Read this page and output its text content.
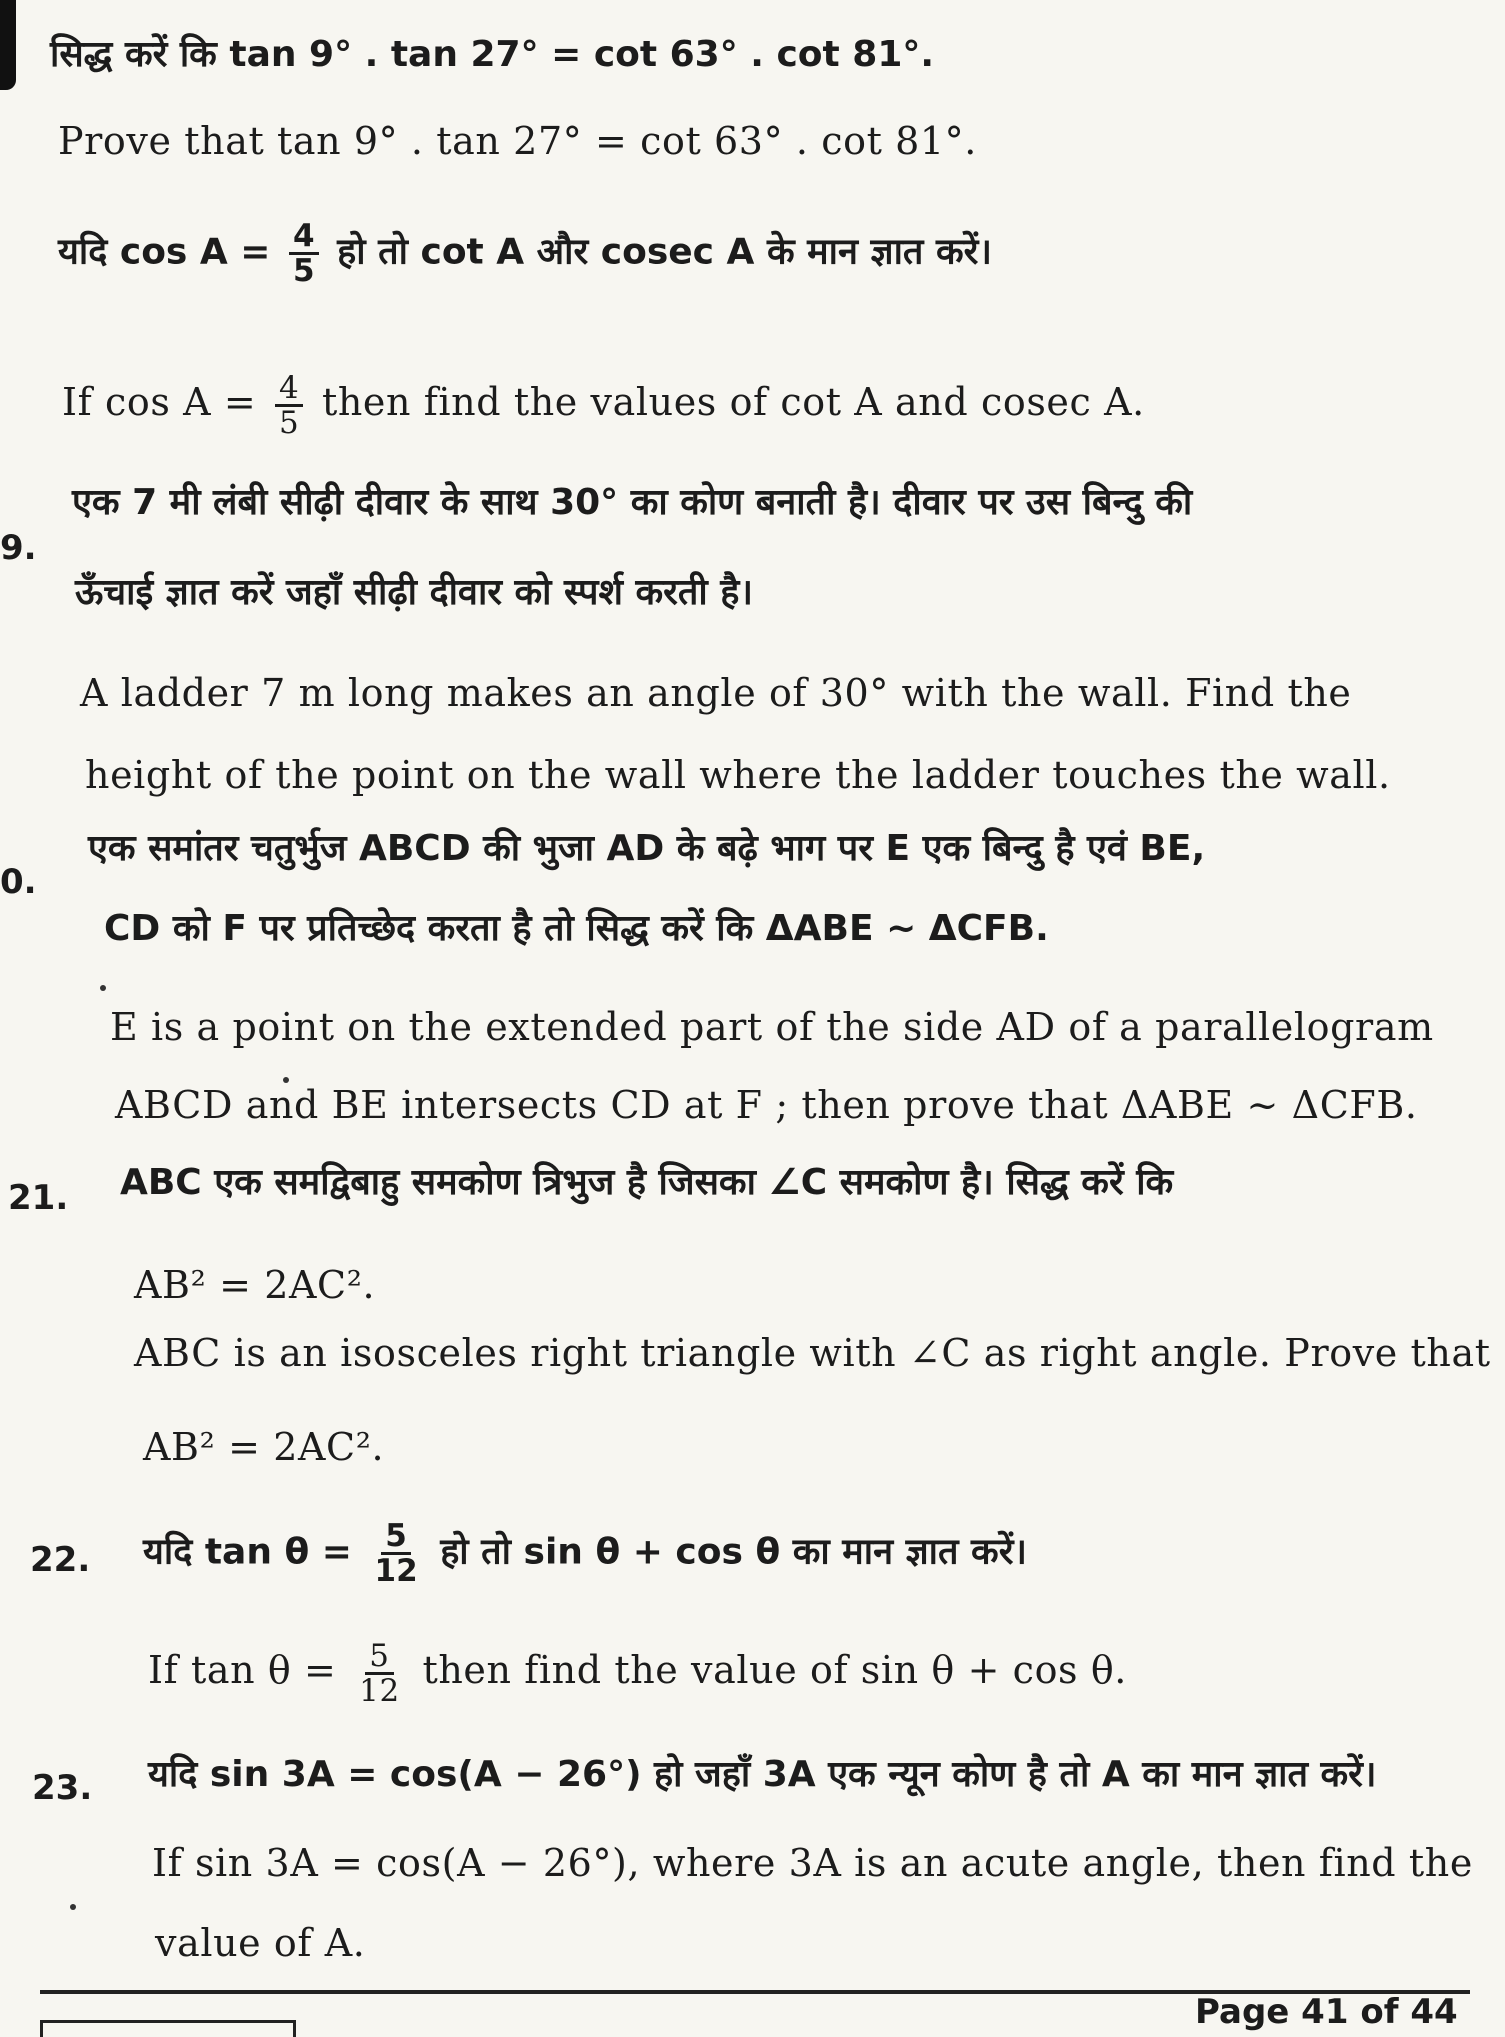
सिद्ध करें कि tan 9° . tan 27° = cot 63° . cot 81°.
Prove that tan 9° . tan 27° = cot 63° . cot 81°.
यदि $\cos A = \frac{4}{5}$ हो तो cot A और cosec A के मान ज्ञात करें।
If $\cos A = \frac{4}{5}$ then find the values of cot A and cosec A.
9.
एक 7 मी लंबी सीढ़ी दीवार के साथ 30° का कोण बनाती है। दीवार पर उस बिन्दु की
ऊँचाई ज्ञात करें जहाँ सीढ़ी दीवार को स्पर्श करती है।
A ladder 7 m long makes an angle of 30° with the wall. Find the
height of the point on the wall where the ladder touches the wall.
0.
एक समांतर चतुर्भुज ABCD की भुजा AD के बढ़े भाग पर E एक बिन्दु है एवं BE,
CD को F पर प्रतिच्छेद करता है तो सिद्ध करें कि ΔABE ~ ΔCFB.
E is a point on the extended part of the side AD of a parallelogram
ABCD and BE intersects CD at F ; then prove that ΔABE ~ ΔCFB.
21. ABC एक समद्विबाहु समकोण त्रिभुज है जिसका ∠C समकोण है। सिद्ध करें कि
AB² = 2AC².
ABC is an isosceles right triangle with ∠C as right angle. Prove that
AB² = 2AC².
22. यदि $\tan \theta = \frac{5}{12}$ हो तो sin θ + cos θ का मान ज्ञात करें।
If $\tan \theta = \frac{5}{12}$ then find the value of sin θ + cos θ.
23. यदि sin 3A = cos(A − 26°) हो जहाँ 3A एक न्यून कोण है तो A का मान ज्ञात करें।
If sin 3A = cos(A − 26°), where 3A is an acute angle, then find the
value of A.
Page 41 of 44
